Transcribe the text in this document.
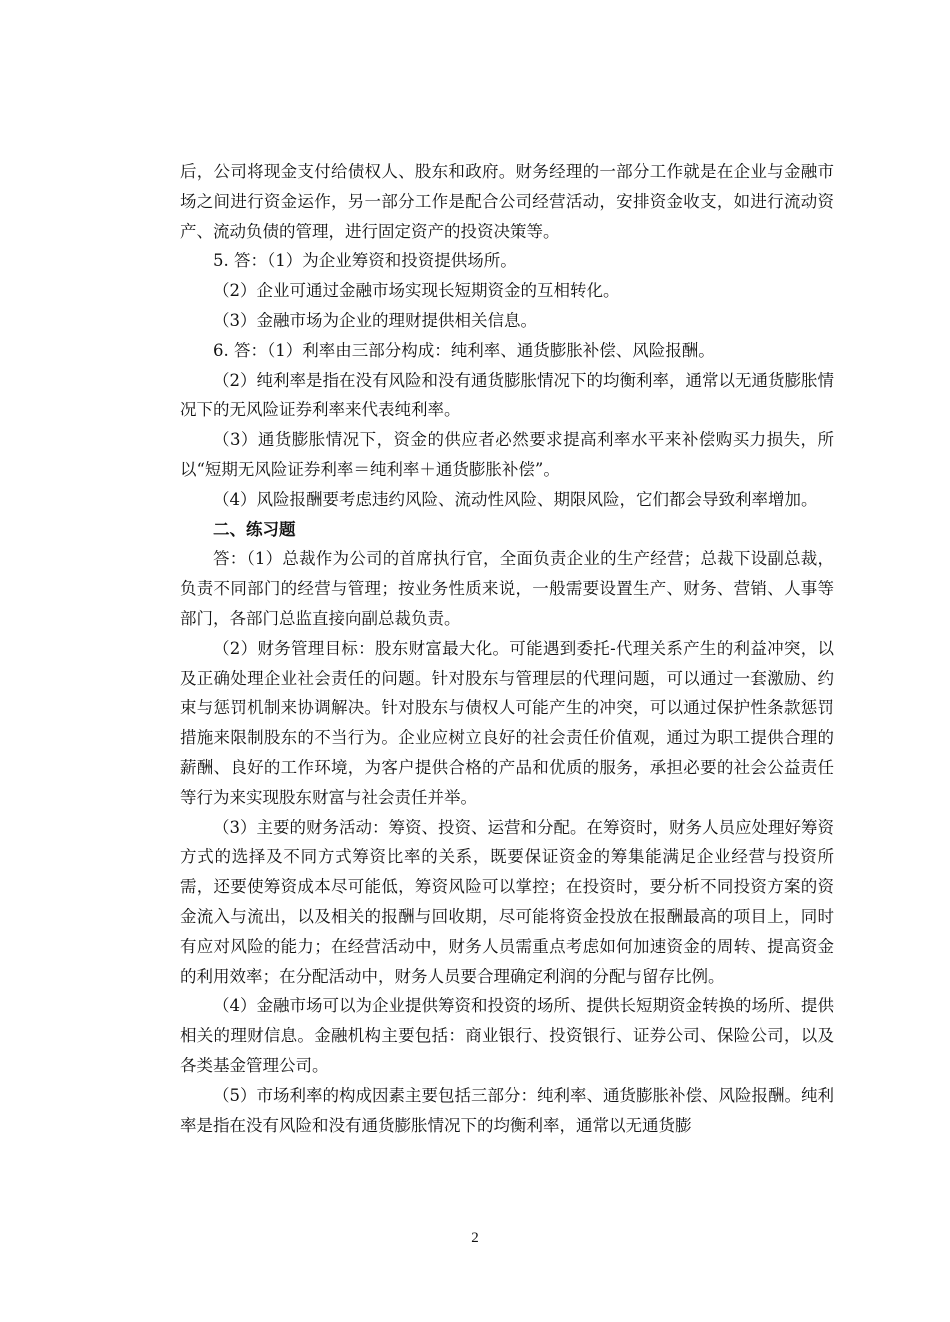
后，公司将现金支付给债权人、股东和政府。财务经理的一部分工作就是在企业与金融市场之间进行资金运作，另一部分工作是配合公司经营活动，安排资金收支，如进行流动资产、流动负债的管理，进行固定资产的投资决策等。

5. 答：（1）为企业筹资和投资提供场所。

（2）企业可通过金融市场实现长短期资金的互相转化。

（3）金融市场为企业的理财提供相关信息。

6. 答：（1）利率由三部分构成：纯利率、通货膨胀补偿、风险报酬。

（2）纯利率是指在没有风险和没有通货膨胀情况下的均衡利率，通常以无通货膨胀情况下的无风险证券利率来代表纯利率。

（3）通货膨胀情况下，资金的供应者必然要求提高利率水平来补偿购买力损失，所以“短期无风险证券利率＝纯利率＋通货膨胀补偿”。

（4）风险报酬要考虑违约风险、流动性风险、期限风险，它们都会导致利率增加。

二、练习题

答：（1）总裁作为公司的首席执行官，全面负责企业的生产经营；总裁下设副总裁，负责不同部门的经营与管理；按业务性质来说，一般需要设置生产、财务、营销、人事等部门，各部门总监直接向副总裁负责。

（2）财务管理目标：股东财富最大化。可能遇到委托-代理关系产生的利益冲突，以及正确处理企业社会责任的问题。针对股东与管理层的代理问题，可以通过一套激励、约束与惩罚机制来协调解决。针对股东与债权人可能产生的冲突，可以通过保护性条款惩罚措施来限制股东的不当行为。企业应树立良好的社会责任价值观，通过为职工提供合理的薪酬、良好的工作环境，为客户提供合格的产品和优质的服务，承担必要的社会公益责任等行为来实现股东财富与社会责任并举。

（3）主要的财务活动：筹资、投资、运营和分配。在筹资时，财务人员应处理好筹资方式的选择及不同方式筹资比率的关系，既要保证资金的筹集能满足企业经营与投资所需，还要使筹资成本尽可能低，筹资风险可以掌控；在投资时，要分析不同投资方案的资金流入与流出，以及相关的报酬与回收期，尽可能将资金投放在报酬最高的项目上，同时有应对风险的能力；在经营活动中，财务人员需重点考虑如何加速资金的周转、提高资金的利用效率；在分配活动中，财务人员要合理确定利润的分配与留存比例。

（4）金融市场可以为企业提供筹资和投资的场所、提供长短期资金转换的场所、提供相关的理财信息。金融机构主要包括：商业银行、投资银行、证券公司、保险公司，以及各类基金管理公司。

（5）市场利率的构成因素主要包括三部分：纯利率、通货膨胀补偿、风险报酬。纯利率是指在没有风险和没有通货膨胀情况下的均衡利率，通常以无通货膨

2
